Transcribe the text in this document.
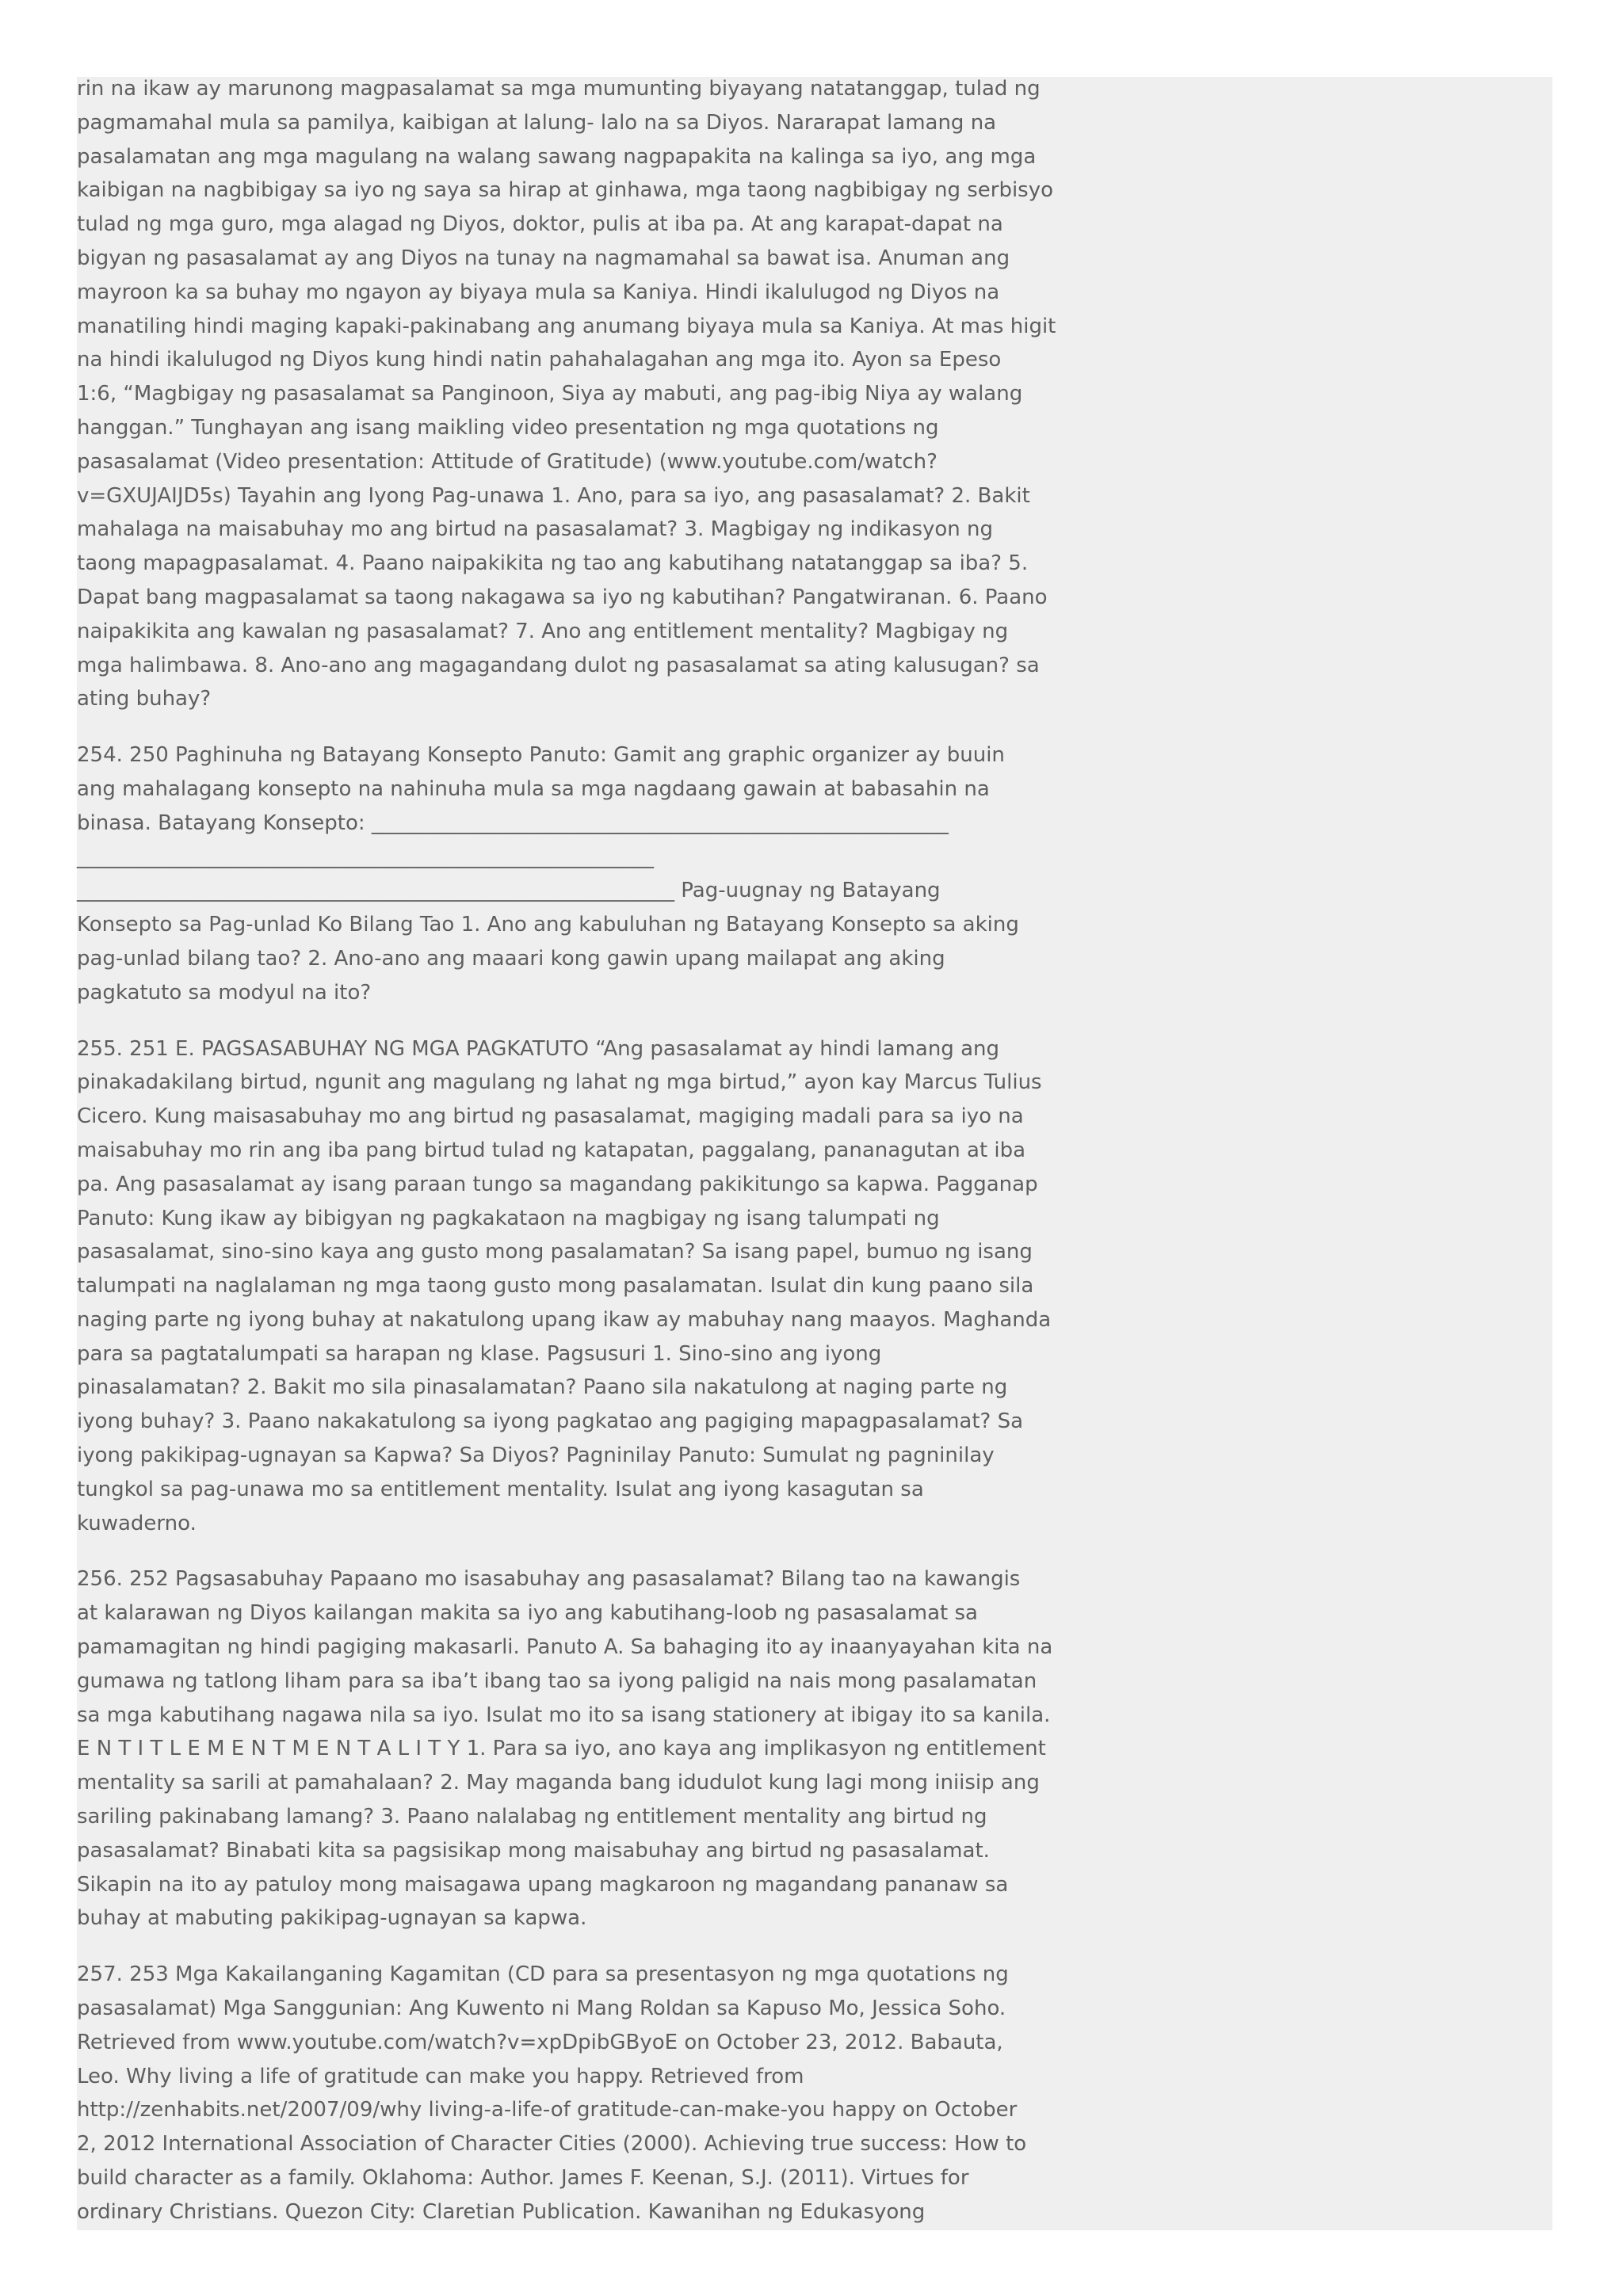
rin na ikaw ay marunong magpasalamat sa mga mumunting biyayang natatanggap, tulad ng
pagmamahal mula sa pamilya, kaibigan at lalung- lalo na sa Diyos. Nararapat lamang na
pasalamatan ang mga magulang na walang sawang nagpapakita na kalinga sa iyo, ang mga
kaibigan na nagbibigay sa iyo ng saya sa hirap at ginhawa, mga taong nagbibigay ng serbisyo
tulad ng mga guro, mga alagad ng Diyos, doktor, pulis at iba pa. At ang karapat-dapat na
bigyan ng pasasalamat ay ang Diyos na tunay na nagmamahal sa bawat isa. Anuman ang
mayroon ka sa buhay mo ngayon ay biyaya mula sa Kaniya. Hindi ikalulugod ng Diyos na
manatiling hindi maging kapaki-pakinabang ang anumang biyaya mula sa Kaniya. At mas higit
na hindi ikalulugod ng Diyos kung hindi natin pahahalagahan ang mga ito. Ayon sa Epeso
1:6, “Magbigay ng pasasalamat sa Panginoon, Siya ay mabuti, ang pag-ibig Niya ay walang
hanggan.” Tunghayan ang isang maikling video presentation ng mga quotations ng
pasasalamat (Video presentation: Attitude of Gratitude) (www.youtube.com/watch?
v=GXUJAIJD5s) Tayahin ang Iyong Pag-unawa 1. Ano, para sa iyo, ang pasasalamat? 2. Bakit
mahalaga na maisabuhay mo ang birtud na pasasalamat? 3. Magbigay ng indikasyon ng
taong mapagpasalamat. 4. Paano naipakikita ng tao ang kabutihang natatanggap sa iba? 5.
Dapat bang magpasalamat sa taong nakagawa sa iyo ng kabutihan? Pangatwiranan. 6. Paano
naipakikita ang kawalan ng pasasalamat? 7. Ano ang entitlement mentality? Magbigay ng
mga halimbawa. 8. Ano-ano ang magagandang dulot ng pasasalamat sa ating kalusugan? sa
ating buhay?

254. 250 Paghinuha ng Batayang Konsepto Panuto: Gamit ang graphic organizer ay buuin
ang mahalagang konsepto na nahinuha mula sa mga nagdaang gawain at babasahin na
binasa. Batayang Konsepto: ________________________________________________________
________________________________________________________
__________________________________________________________ Pag-uugnay ng Batayang
Konsepto sa Pag-unlad Ko Bilang Tao 1. Ano ang kabuluhan ng Batayang Konsepto sa aking
pag-unlad bilang tao? 2. Ano-ano ang maaari kong gawin upang mailapat ang aking
pagkatuto sa modyul na ito?

255. 251 E. PAGSASABUHAY NG MGA PAGKATUTO “Ang pasasalamat ay hindi lamang ang
pinakadakilang birtud, ngunit ang magulang ng lahat ng mga birtud,” ayon kay Marcus Tulius
Cicero. Kung maisasabuhay mo ang birtud ng pasasalamat, magiging madali para sa iyo na
maisabuhay mo rin ang iba pang birtud tulad ng katapatan, paggalang, pananagutan at iba
pa. Ang pasasalamat ay isang paraan tungo sa magandang pakikitungo sa kapwa. Pagganap
Panuto: Kung ikaw ay bibigyan ng pagkakataon na magbigay ng isang talumpati ng
pasasalamat, sino-sino kaya ang gusto mong pasalamatan? Sa isang papel, bumuo ng isang
talumpati na naglalaman ng mga taong gusto mong pasalamatan. Isulat din kung paano sila
naging parte ng iyong buhay at nakatulong upang ikaw ay mabuhay nang maayos. Maghanda
para sa pagtatalumpati sa harapan ng klase. Pagsusuri 1. Sino-sino ang iyong
pinasalamatan? 2. Bakit mo sila pinasalamatan? Paano sila nakatulong at naging parte ng
iyong buhay? 3. Paano nakakatulong sa iyong pagkatao ang pagiging mapagpasalamat? Sa
iyong pakikipag-ugnayan sa Kapwa? Sa Diyos? Pagninilay Panuto: Sumulat ng pagninilay
tungkol sa pag-unawa mo sa entitlement mentality. Isulat ang iyong kasagutan sa
kuwaderno.

256. 252 Pagsasabuhay Papaano mo isasabuhay ang pasasalamat? Bilang tao na kawangis
at kalarawan ng Diyos kailangan makita sa iyo ang kabutihang-loob ng pasasalamat sa
pamamagitan ng hindi pagiging makasarli. Panuto A. Sa bahaging ito ay inaanyayahan kita na
gumawa ng tatlong liham para sa iba’t ibang tao sa iyong paligid na nais mong pasalamatan
sa mga kabutihang nagawa nila sa iyo. Isulat mo ito sa isang stationery at ibigay ito sa kanila.
E N T I T L E M E N T M E N T A L I T Y 1. Para sa iyo, ano kaya ang implikasyon ng entitlement
mentality sa sarili at pamahalaan? 2. May maganda bang idudulot kung lagi mong iniisip ang
sariling pakinabang lamang? 3. Paano nalalabag ng entitlement mentality ang birtud ng
pasasalamat? Binabati kita sa pagsisikap mong maisabuhay ang birtud ng pasasalamat.
Sikapin na ito ay patuloy mong maisagawa upang magkaroon ng magandang pananaw sa
buhay at mabuting pakikipag-ugnayan sa kapwa.

257. 253 Mga Kakailanganing Kagamitan (CD para sa presentasyon ng mga quotations ng
pasasalamat) Mga Sanggunian: Ang Kuwento ni Mang Roldan sa Kapuso Mo, Jessica Soho.
Retrieved from www.youtube.com/watch?v=xpDpibGByoE on October 23, 2012. Babauta,
Leo. Why living a life of gratitude can make you happy. Retrieved from
http://zenhabits.net/2007/09/why living-a-life-of gratitude-can-make-you happy on October
2, 2012 International Association of Character Cities (2000). Achieving true success: How to
build character as a family. Oklahoma: Author. James F. Keenan, S.J. (2011). Virtues for
ordinary Christians. Quezon City: Claretian Publication. Kawanihan ng Edukasyong
